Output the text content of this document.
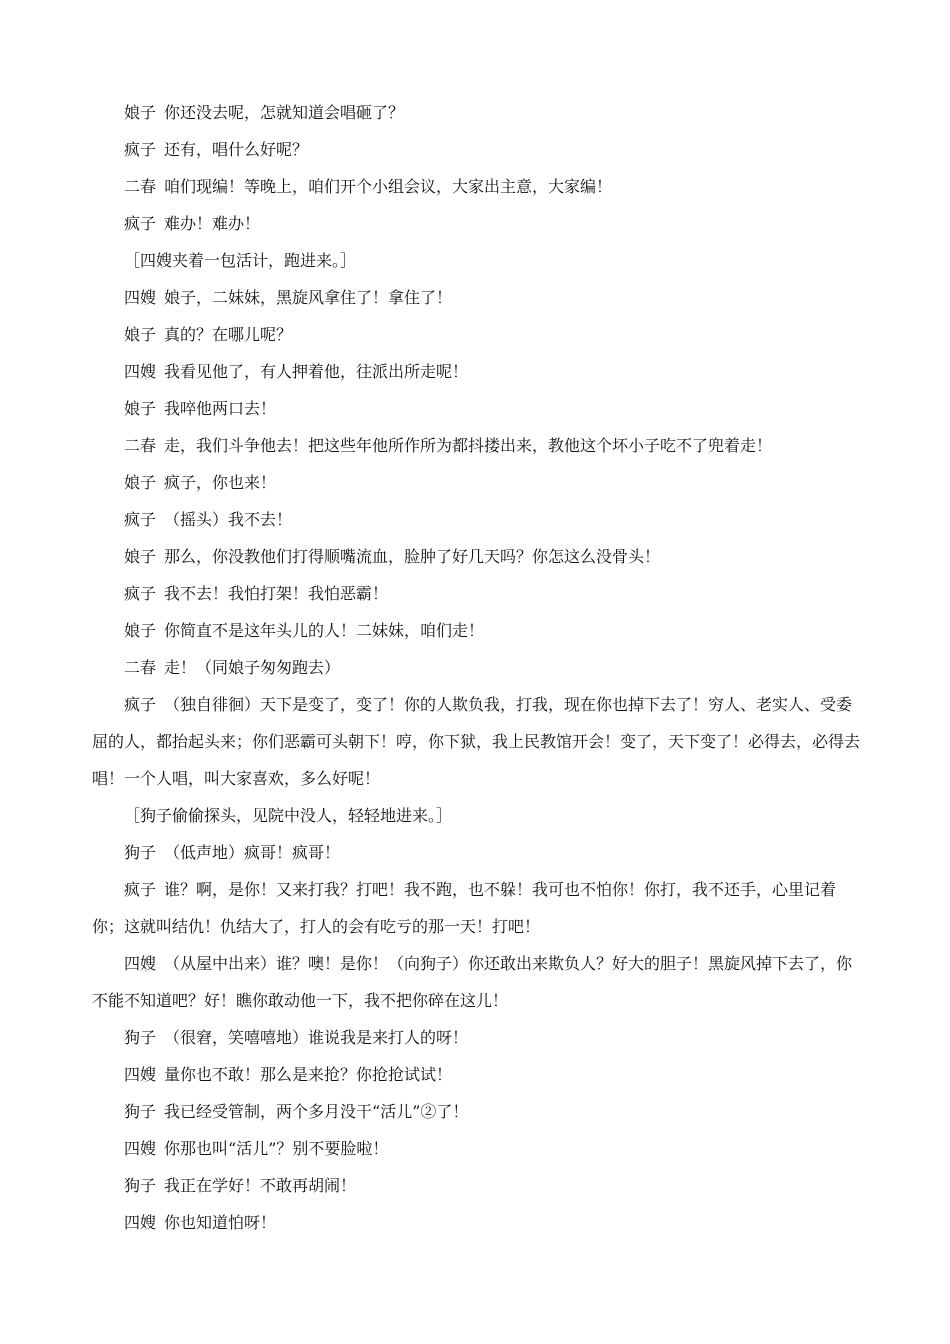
娘子 你还没去呢，怎就知道会唱砸了？

疯子 还有，唱什么好呢？

二春 咱们现编！等晚上，咱们开个小组会议，大家出主意，大家编！

疯子 难办！难办！

［四嫂夹着一包活计，跑进来。］

四嫂 娘子，二妹妹，黑旋风拿住了！拿住了！

娘子 真的？在哪儿呢？

四嫂 我看见他了，有人押着他，往派出所走呢！

娘子 我啐他两口去！

二春 走，我们斗争他去！把这些年他所作所为都抖搂出来，教他这个坏小子吃不了兜着走！

娘子 疯子，你也来！

疯子 （摇头）我不去！

娘子 那么，你没教他们打得顺嘴流血，脸肿了好几天吗？你怎这么没骨头！

疯子 我不去！我怕打架！我怕恶霸！

娘子 你简直不是这年头儿的人！二妹妹，咱们走！

二春 走！（同娘子匆匆跑去）

疯子 （独自徘徊）天下是变了，变了！你的人欺负我，打我，现在你也掉下去了！穷人、老实人、受委屈的人，都抬起头来；你们恶霸可头朝下！哼，你下狱，我上民教馆开会！变了，天下变了！必得去，必得去唱！一个人唱，叫大家喜欢，多么好呢！

［狗子偷偷探头，见院中没人，轻轻地进来。］

狗子 （低声地）疯哥！疯哥！

疯子 谁？啊，是你！又来打我？打吧！我不跑，也不躲！我可也不怕你！你打，我不还手，心里记着你；这就叫结仇！仇结大了，打人的会有吃亏的那一天！打吧！

四嫂 （从屋中出来）谁？噢！是你！（向狗子）你还敢出来欺负人？好大的胆子！黑旋风掉下去了，你不能不知道吧？好！瞧你敢动他一下，我不把你碎在这儿！

狗子 （很窘，笑嘻嘻地）谁说我是来打人的呀！

四嫂 量你也不敢！那么是来抢？你抢抢试试！

狗子 我已经受管制，两个多月没干“活儿”②了！

四嫂 你那也叫“活儿”？别不要脸啦！

狗子 我正在学好！不敢再胡闹！

四嫂 你也知道怕呀！
